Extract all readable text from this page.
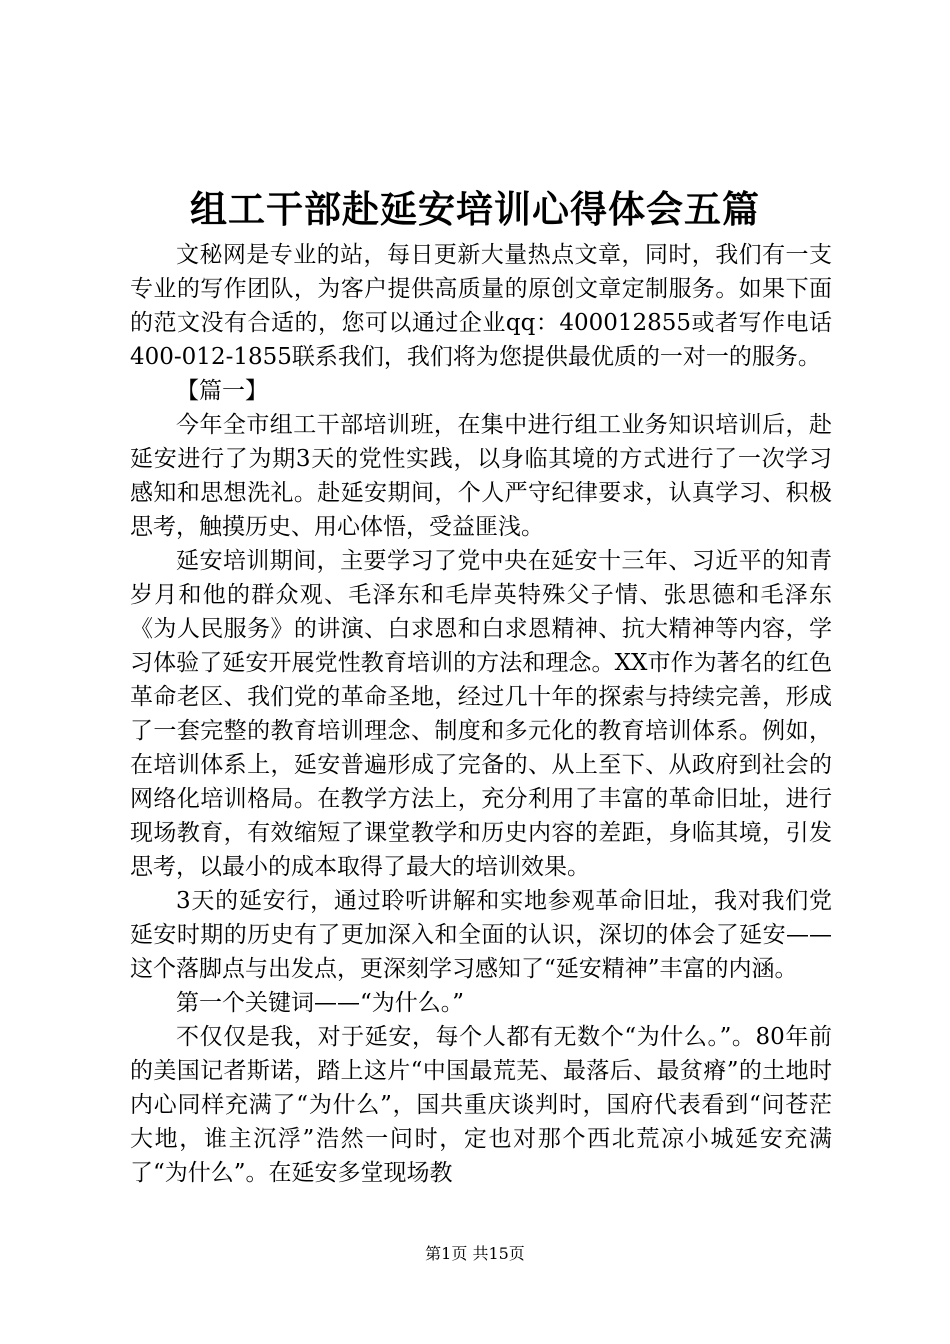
组工干部赴延安培训心得体会五篇

文秘网是专业的站，每日更新大量热点文章，同时，我们有一支专业的写作团队，为客户提供高质量的原创文章定制服务。如果下面的范文没有合适的，您可以通过企业qq：400012855或者写作电话400-012-1855联系我们，我们将为您提供最优质的一对一的服务。

【篇一】

今年全市组工干部培训班，在集中进行组工业务知识培训后，赴延安进行了为期3天的党性实践，以身临其境的方式进行了一次学习感知和思想洗礼。赴延安期间，个人严守纪律要求，认真学习、积极思考，触摸历史、用心体悟，受益匪浅。

延安培训期间，主要学习了党中央在延安十三年、习近平的知青岁月和他的群众观、毛泽东和毛岸英特殊父子情、张思德和毛泽东《为人民服务》的讲演、白求恩和白求恩精神、抗大精神等内容，学习体验了延安开展党性教育培训的方法和理念。XX市作为著名的红色革命老区、我们党的革命圣地，经过几十年的探索与持续完善，形成了一套完整的教育培训理念、制度和多元化的教育培训体系。例如，在培训体系上，延安普遍形成了完备的、从上至下、从政府到社会的网络化培训格局。在教学方法上，充分利用了丰富的革命旧址，进行现场教育，有效缩短了课堂教学和历史内容的差距，身临其境，引发思考，以最小的成本取得了最大的培训效果。

3天的延安行，通过聆听讲解和实地参观革命旧址，我对我们党延安时期的历史有了更加深入和全面的认识，深切的体会了延安——这个落脚点与出发点，更深刻学习感知了“延安精神”丰富的内涵。

第一个关键词——“为什么。”

不仅仅是我，对于延安，每个人都有无数个“为什么。”。80年前的美国记者斯诺，踏上这片“中国最荒芜、最落后、最贫瘠”的土地时内心同样充满了“为什么”，国共重庆谈判时，国府代表看到“问苍茫大地，谁主沉浮”浩然一问时，定也对那个西北荒凉小城延安充满了“为什么”。在延安多堂现场教

第1页 共15页
